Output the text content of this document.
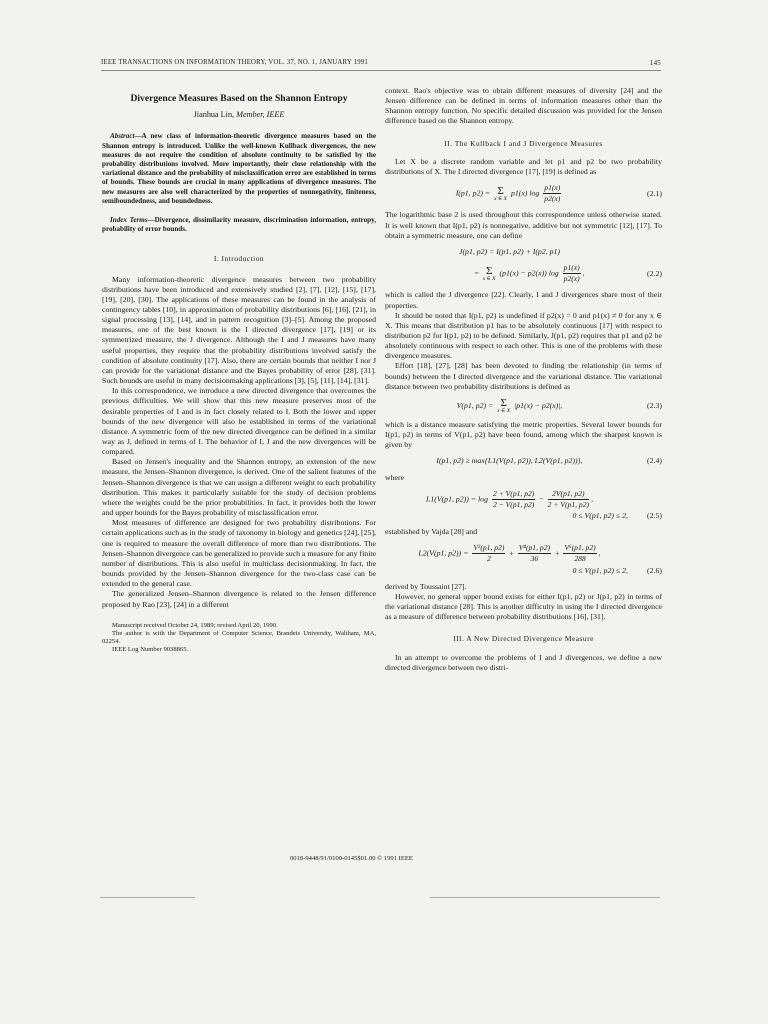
IEEE TRANSACTIONS ON INFORMATION THEORY, VOL. 37, NO. 1, JANUARY 1991	145
Divergence Measures Based on the Shannon Entropy
Jianhua Lin, Member, IEEE

Abstract—A new class of information-theoretic divergence measures based on the Shannon entropy is introduced. Unlike the well-known Kullback divergences, the new measures do not require the condition of absolute continuity to be satisfied by the probability distributions involved. More importantly, their close relationship with the variational distance and the probability of misclassification error are established in terms of bounds. These bounds are crucial in many applications of divergence measures. The new measures are also well characterized by the properties of nonnegativity, finiteness, semiboundedness, and boundedness.

Index Terms—Divergence, dissimilarity measure, discrimination information, entropy, probability of error bounds.

I. Introduction

Many information-theoretic divergence measures between two probability distributions have been introduced and extensively studied [2], [7], [12], [15], [17], [19], [20], [30]. The applications of these measures can be found in the analysis of contingency tables [10], in approximation of probability distributions [6], [16], [21], in signal processing [13], [14], and in pattern recognition [3]–[5]. Among the proposed measures, one of the best known is the I directed divergence [17], [19] or its symmetrized measure, the J divergence. Although the I and J measures have many useful properties, they require that the probability distributions involved satisfy the condition of absolute continuity [17]. Also, there are certain bounds that neither I nor J can provide for the variational distance and the Bayes probability of error [28], [31]. Such bounds are useful in many decisionmaking applications [3], [5], [11], [14], [31].

In this correspondence, we introduce a new directed divergence that overcomes the previous difficulties. We will show that this new measure preserves most of the desirable properties of I and is in fact closely related to I. Both the lower and upper bounds of the new divergence will also be established in terms of the variational distance. A symmetric form of the new directed divergence can be defined in a similar way as J, defined in terms of I. The behavior of I, J and the new divergences will be compared.

Based on Jensen's inequality and the Shannon entropy, an extension of the new measure, the Jensen–Shannon divergence, is derived. One of the salient features of the Jensen–Shannon divergence is that we can assign a different weight to each probability distribution. This makes it particularly suitable for the study of decision problems where the weights could be the prior probabilities. In fact, it provides both the lower and upper bounds for the Bayes probability of misclassification error.

Most measures of difference are designed for two probability distributions. For certain applications such as in the study of taxonomy in biology and genetics [24], [25], one is required to measure the overall difference of more than two distributions. The Jensen–Shannon divergence can be generalized to provide such a measure for any finite number of distributions. This is also useful in multiclass decisionmaking. In fact, the bounds provided by the Jensen–Shannon divergence for the two-class case can be extended to the general case.

The generalized Jensen–Shannon divergence is related to the Jensen difference proposed by Rao [23], [24] in a different

Manuscript received October 24, 1989; revised April 20, 1990.

The author is with the Department of Computer Science, Brandeis University, Waltham, MA, 02254.

IEEE Log Number 9038865.

context. Rao's objective was to obtain different measures of diversity [24] and the Jensen difference can be defined in terms of information measures other than the Shannon entropy function. No specific detailed discussion was provided for the Jensen difference based on the Shannon entropy.

II. The Kullback I and J Divergence Measures

Let X be a discrete random variable and let p1 and p2 be two probability distributions of X. The I directed divergence [17], [19] is defined as

I(p1, p2) = Σ
x ∈ X
p1(x) $\log \frac{p1(x)}{p2(x)}$	(2.1)

The logarithmic base 2 is used throughout this correspondence unless otherwise stated. It is well known that I(p1, p2) is nonnegative, additive but not symmetric [12], [17]. To obtain a symmetric measure, one can define

J(p1, p2) = I(p1, p2) + I(p2, p1)
= Σ
x ∈ X
(p1(x) − p2(x)) $\log \frac{p1(x)}{p2(x)}$ ,	(2.2)

which is called the J divergence [22]. Clearly, I and J divergences share most of their properties.

It should be noted that I(p1, p2) is undefined if p2(x) = 0 and p1(x) ≠ 0 for any x ∈ X. This means that distribution p1 has to be absolutely continuous [17] with respect to distribution p2 for I(p1, p2) to be defined. Similarly, J(p1, p2) requires that p1 and p2 be absolutely continuous with respect to each other. This is one of the problems with these divergence measures.

Effort [18], [27], [28] has been devoted to finding the relationship (in terms of bounds) between the I directed divergence and the variational distance. The variational distance between two probability distributions is defined as

V(p1, p2) = Σ
x ∈ X
|p1(x) − p2(x)|,	(2.3)

which is a distance measure satisfying the metric properties. Several lower bounds for I(p1, p2) in terms of V(p1, p2) have been found, among which the sharpest known is given by

I(p1, p2) ≥ max{L1(V(p1, p2)), L2(V(p1, p2))},	(2.4)

where

L1(V(p1, $p2)) = \log \frac{2 + V(p1, p2)}{2 - V(p1, p2)} - \frac{2V(p1, p2)}{2 + V(p1, p2)}$ ,
0 ≤ V(p1, p2) ≤ 2,	(2.5)

established by Vajda [28] and

L2(V(p1, $p2)) = \frac{\text{V²(p1, p2)}}{2} + \frac{\text{V⁴(p1, p2)}}{36} + \frac{\text{V⁶(p1, p2)}}{288}$ ,
0 ≤ V(p1, p2) ≤ 2,	(2.6)

derived by Toussaint [27].

However, no general upper bound exists for either I(p1, p2) or J(p1, p2) in terms of the variational distance [28]. This is another difficulty in using the I directed divergence as a measure of difference between probability distributions [16], [31].

III. A New Directed Divergence Measure

In an attempt to overcome the problems of I and J divergences, we define a new directed divergence between two distri-

0018-9448/91/0100-0145$01.00 © 1991 IEEE
